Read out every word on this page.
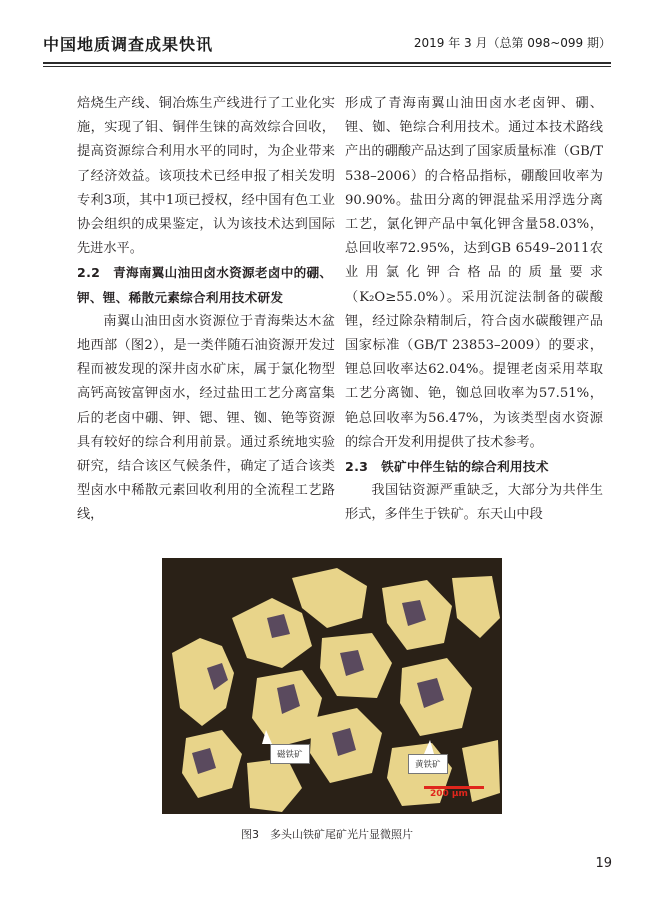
中国地质调查成果快讯	2019 年 3 月（总第 098~099 期）

焙烧生产线、铜冶炼生产线进行了工业化实施，实现了钼、铜伴生铼的高效综合回收，提高资源综合利用水平的同时，为企业带来了经济效益。该项技术已经申报了相关发明专利3项，其中1项已授权，经中国有色工业协会组织的成果鉴定，认为该技术达到国际先进水平。

2.2　青海南翼山油田卤水资源老卤中的硼、钾、锂、稀散元素综合利用技术研发

南翼山油田卤水资源位于青海柴达木盆地西部（图2），是一类伴随石油资源开发过程而被发现的深井卤水矿床，属于氯化物型高钙高铵富钾卤水，经过盐田工艺分离富集后的老卤中硼、钾、锶、锂、铷、铯等资源具有较好的综合利用前景。通过系统地实验研究，结合该区气候条件，确定了适合该类型卤水中稀散元素回收利用的全流程工艺路线，

形成了青海南翼山油田卤水老卤钾、硼、锂、铷、铯综合利用技术。通过本技术路线产出的硼酸产品达到了国家质量标准（GB/T 538–2006）的合格品指标，硼酸回收率为90.90%。盐田分离的钾混盐采用浮选分离工艺，氯化钾产品中氧化钾含量58.03%，总回收率72.95%，达到GB 6549–2011农业用氯化钾合格品的质量要求（K₂O≥55.0%）。采用沉淀法制备的碳酸锂，经过除杂精制后，符合卤水碳酸锂产品国家标准（GB/T 23853–2009）的要求，锂总回收率达62.04%。提锂老卤采用萃取工艺分离铷、铯，铷总回收率为57.51%，铯总回收率为56.47%，为该类型卤水资源的综合开发利用提供了技术参考。

2.3　铁矿中伴生钴的综合利用技术

我国钴资源严重缺乏，大部分为共伴生形式，多伴生于铁矿。东天山中段

磁铁矿
黄铁矿
200 μm
图3　多头山铁矿尾矿光片显微照片
19
